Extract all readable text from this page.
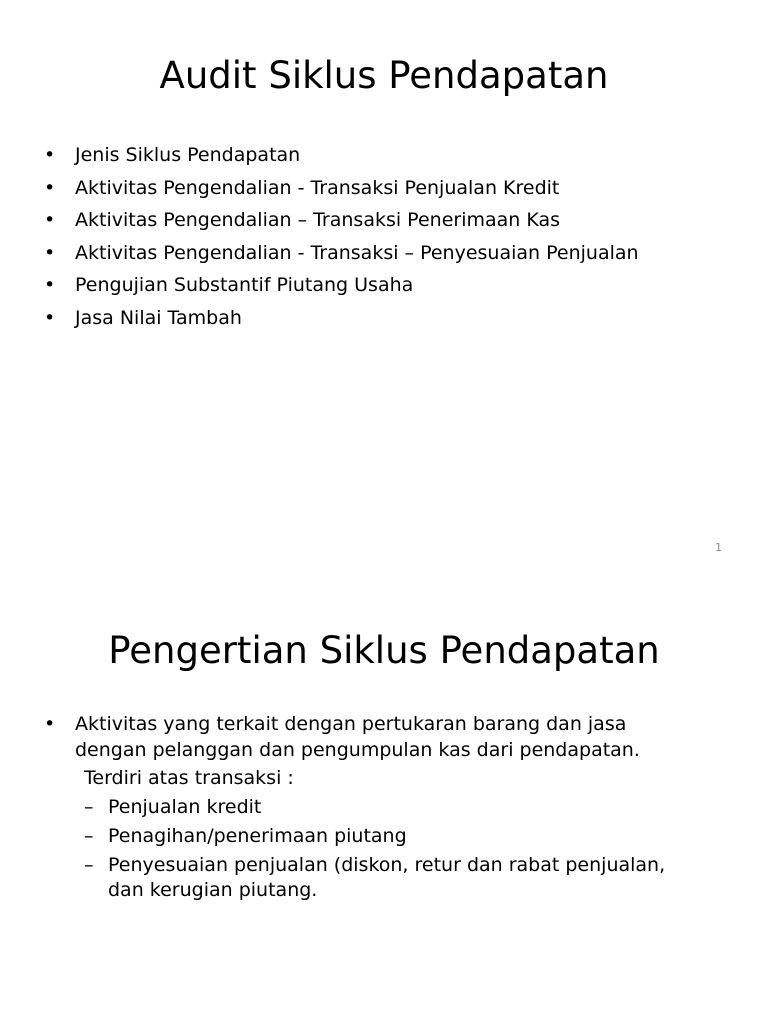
Audit Siklus Pendapatan
•	Jenis Siklus Pendapatan
•	Aktivitas Pengendalian - Transaksi Penjualan Kredit
•	Aktivitas Pengendalian – Transaksi Penerimaan Kas
•	Aktivitas Pengendalian - Transaksi – Penyesuaian Penjualan
•	Pengujian Substantif Piutang Usaha
•	Jasa Nilai Tambah
1
Pengertian Siklus Pendapatan
•	Aktivitas yang terkait dengan pertukaran barang dan jasa
dengan pelanggan dan pengumpulan kas dari pendapatan.
Terdiri atas transaksi :
– Penjualan kredit
– Penagihan/penerimaan piutang
– Penyesuaian penjualan (diskon, retur dan rabat penjualan,
dan kerugian piutang.
